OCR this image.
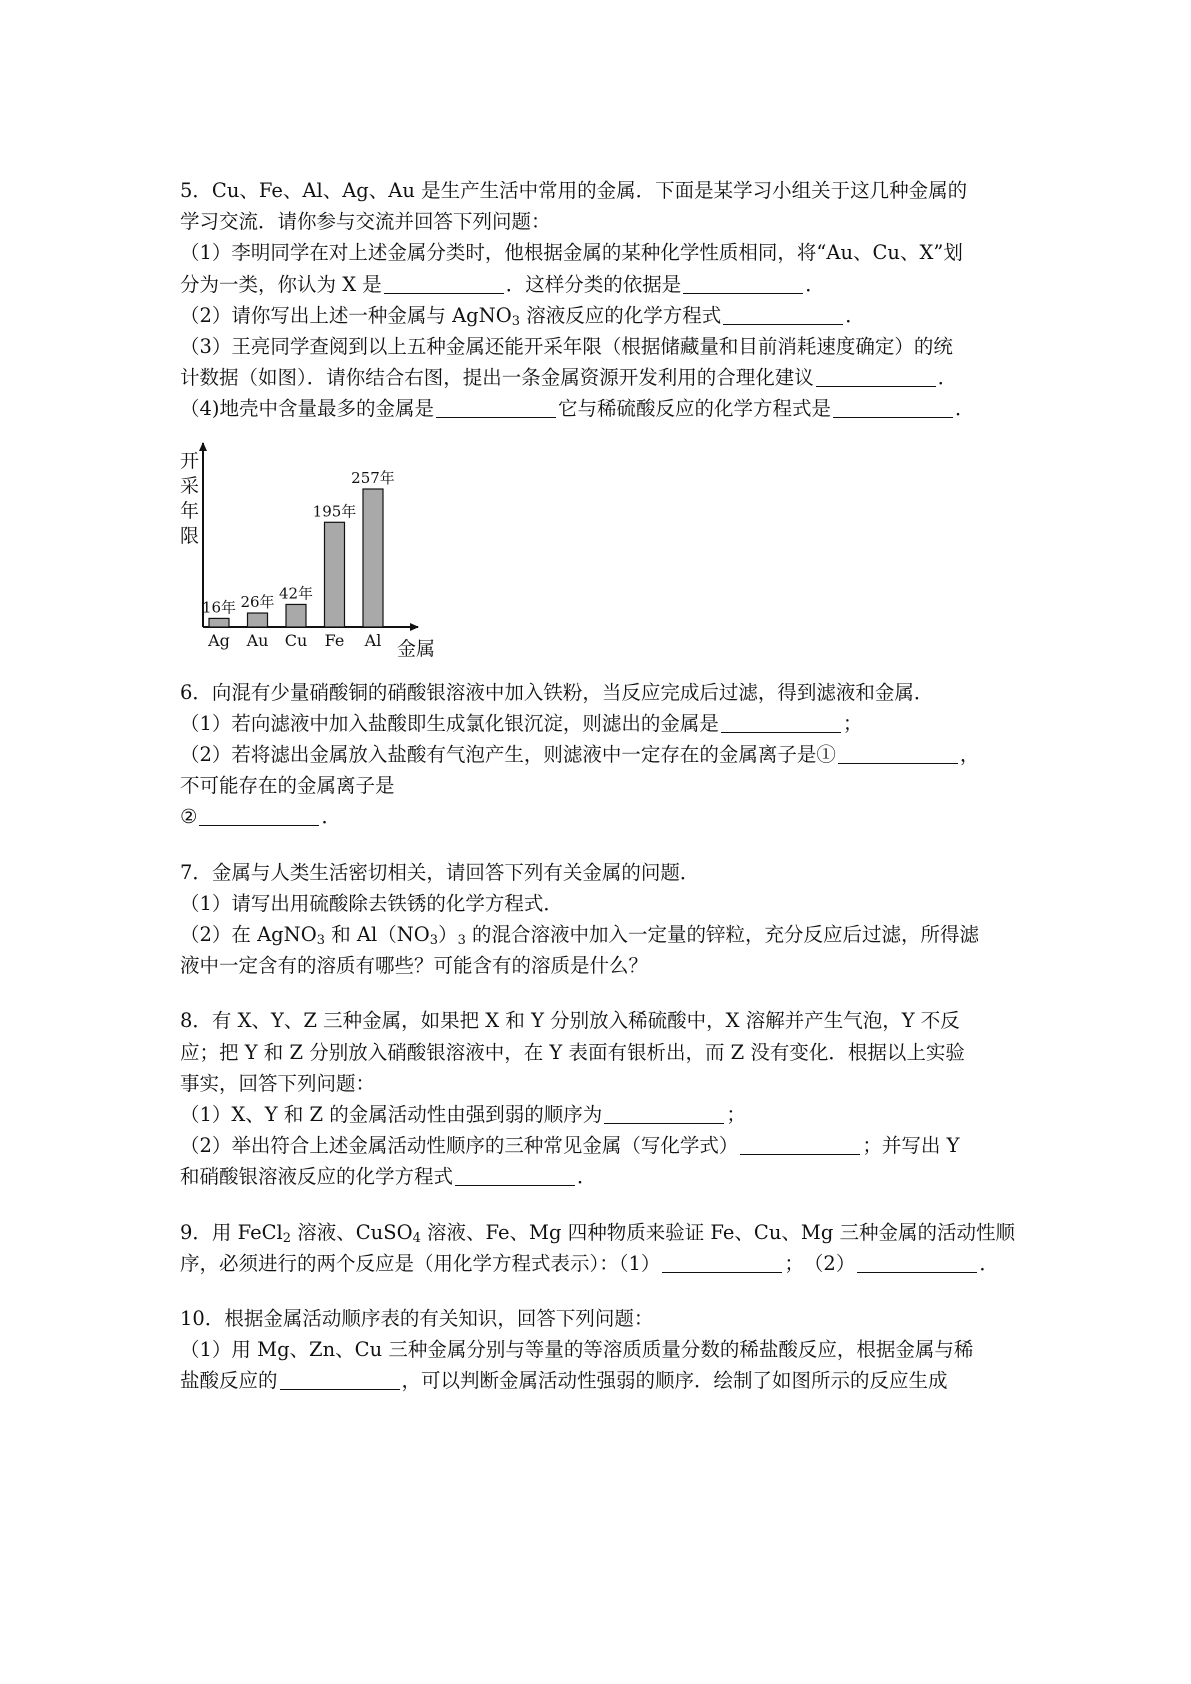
5．Cu、Fe、Al、Ag、Au 是生产生活中常用的金属．下面是某学习小组关于这几种金属的
学习交流．请你参与交流并回答下列问题：
（1）李明同学在对上述金属分类时，他根据金属的某种化学性质相同，将“Au、Cu、X”划
分为一类，你认为 X 是	．这样分类的依据是	．
（2）请你写出上述一种金属与 AgNO$_3$ 溶液反应的化学方程式	．
（3）王亮同学查阅到以上五种金属还能开采年限（根据储藏量和目前消耗速度确定）的统
计数据（如图）．请你结合右图，提出一条金属资源开发利用的合理化建议	．
（4)地壳中含量最多的金属是	它与稀硫酸反应的化学方程式是	．
开采年限
金属
16年
Ag
26年
Au
42年
Cu
195年
Fe
257年
Al
6．向混有少量硝酸铜的硝酸银溶液中加入铁粉，当反应完成后过滤，得到滤液和金属．
（1）若向滤液中加入盐酸即生成氯化银沉淀，则滤出的金属是	；
（2）若将滤出金属放入盐酸有气泡产生，则滤液中一定存在的金属离子是①	，
不可能存在的金属离子是
②	．
7．金属与人类生活密切相关，请回答下列有关金属的问题．
（1）请写出用硫酸除去铁锈的化学方程式．
（2）在 AgNO$_3$ 和 $Al(NO_3)_3$ 的混合溶液中加入一定量的锌粒，充分反应后过滤，所得滤
液中一定含有的溶质有哪些？可能含有的溶质是什么？
8．有 X、Y、Z 三种金属，如果把 X 和 Y 分别放入稀硫酸中，X 溶解并产生气泡，Y 不反
应；把 Y 和 Z 分别放入硝酸银溶液中，在 Y 表面有银析出，而 Z 没有变化．根据以上实验
事实，回答下列问题：
（1）X、Y 和 Z 的金属活动性由强到弱的顺序为	；
（2）举出符合上述金属活动性顺序的三种常见金属（写化学式）	；并写出 Y
和硝酸银溶液反应的化学方程式	．
9．用 FeCl$_2$ 溶液、CuSO$_4$ 溶液、Fe、Mg 四种物质来验证 Fe、Cu、Mg 三种金属的活动性顺
序，必须进行的两个反应是（用化学方程式表示）：（1）	；　（2）	．
10．根据金属活动顺序表的有关知识，回答下列问题：
（1）用 Mg、Zn、Cu 三种金属分别与等量的等溶质质量分数的稀盐酸反应，根据金属与稀
盐酸反应的	，可以判断金属活动性强弱的顺序．绘制了如图所示的反应生成
